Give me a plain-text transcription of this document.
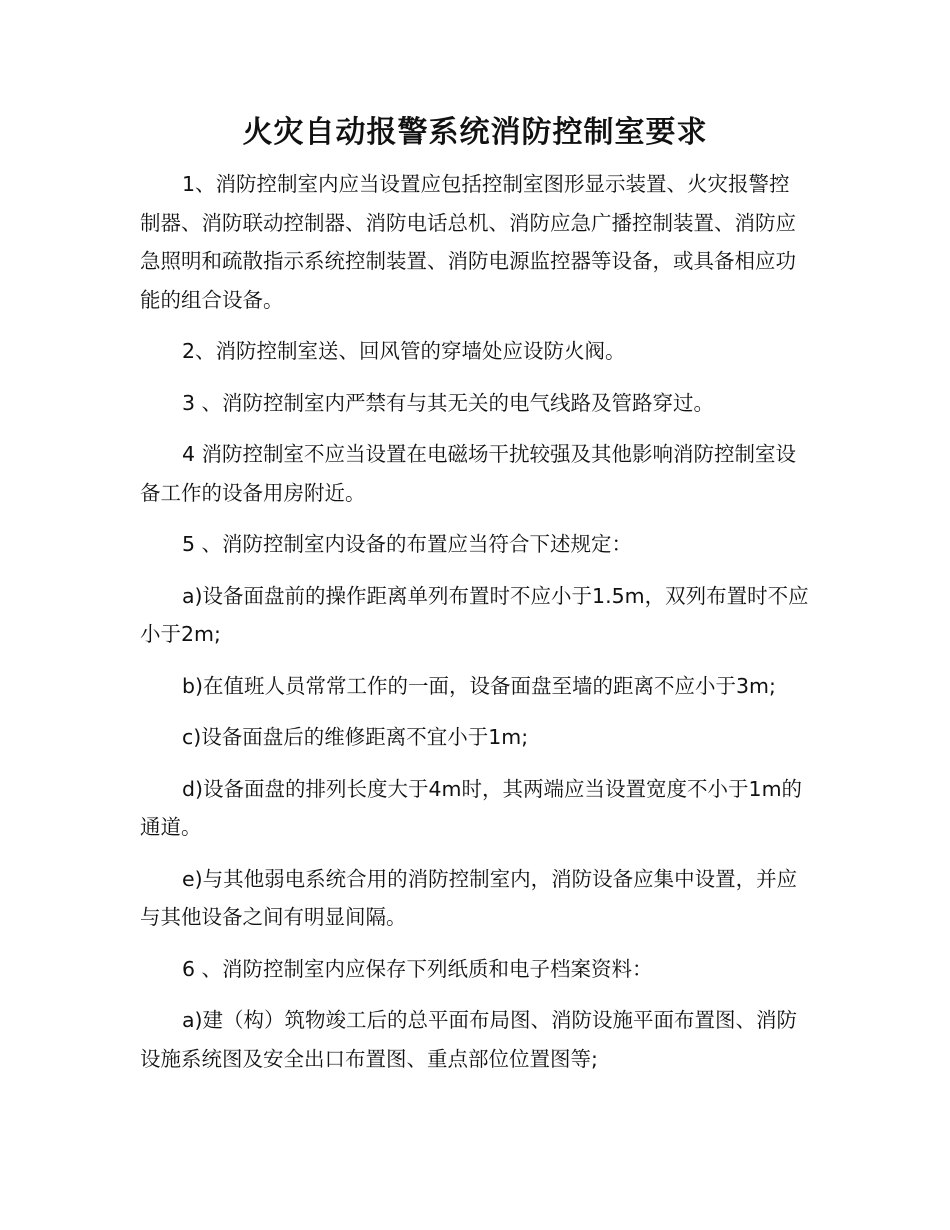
火灾自动报警系统消防控制室要求

1、消防控制室内应当设置应包括控制室图形显示装置、火灾报警控制器、消防联动控制器、消防电话总机、消防应急广播控制装置、消防应急照明和疏散指示系统控制装置、消防电源监控器等设备，或具备相应功能的组合设备。

2、消防控制室送、回风管的穿墙处应设防火阀。

3 、消防控制室内严禁有与其无关的电气线路及管路穿过。

4 消防控制室不应当设置在电磁场干扰较强及其他影响消防控制室设备工作的设备用房附近。

5 、消防控制室内设备的布置应当符合下述规定：

a)设备面盘前的操作距离单列布置时不应小于1.5m，双列布置时不应小于2m;

b)在值班人员常常工作的一面，设备面盘至墙的距离不应小于3m;

c)设备面盘后的维修距离不宜小于1m;

d)设备面盘的排列长度大于4m时，其两端应当设置宽度不小于1m的通道。

e)与其他弱电系统合用的消防控制室内，消防设备应集中设置，并应与其他设备之间有明显间隔。

6 、消防控制室内应保存下列纸质和电子档案资料：

a)建（构）筑物竣工后的总平面布局图、消防设施平面布置图、消防设施系统图及安全出口布置图、重点部位位置图等;
